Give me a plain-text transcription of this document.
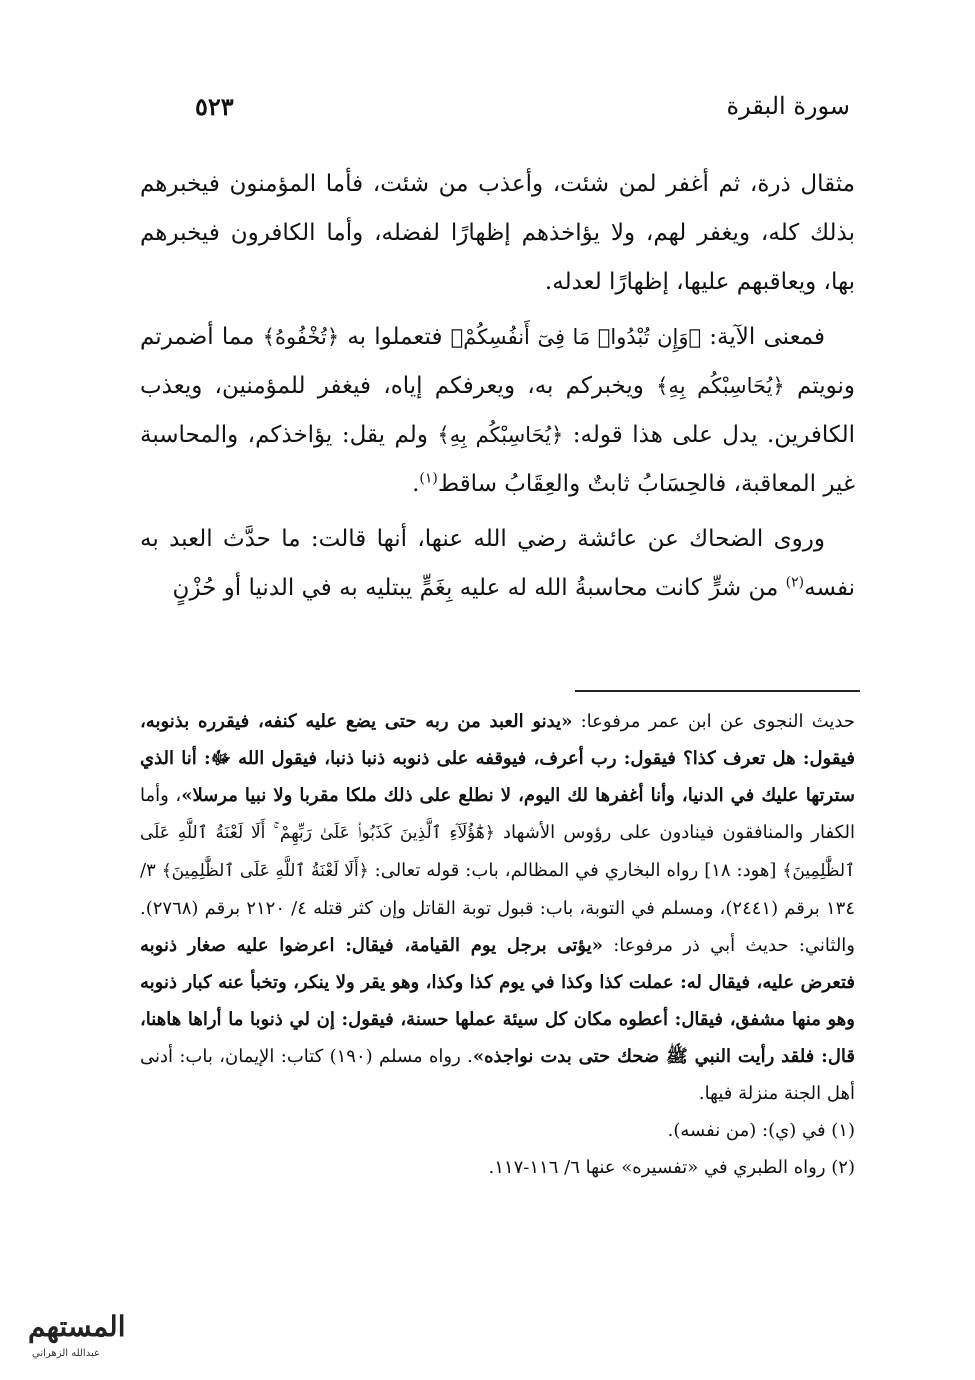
سورة البقرة
٥٢٣

مثقال ذرة، ثم أغفر لمن شئت، وأعذب من شئت، فأما المؤمنون فيخبرهم بذلك كله، ويغفر لهم، ولا يؤاخذهم إظهارًا لفضله، وأما الكافرون فيخبرهم بها، ويعاقبهم عليها، إظهارًا لعدله.

فمعنى الآية: ﴿وَإِن تُبْدُوا۟ مَا فِىٓ أَنفُسِكُمْ﴾ فتعملوا به ﴿تُخْفُوهُ﴾ مما أضمرتم ونويتم ﴿يُحَاسِبْكُم بِهِ﴾ ويخبركم به، ويعرفكم إياه، فيغفر للمؤمنين، ويعذب الكافرين. يدل على هذا قوله: ﴿يُحَاسِبْكُم بِهِ﴾ ولم يقل: يؤاخذكم، والمحاسبة غير المعاقبة، فالحِسَابُ ثابتٌ والعِقَابُ ساقط$^{(١)}$.

وروى الضحاك عن عائشة رضي الله عنها، أنها قالت: ما حدَّث العبد به نفسه$^{(٢)}$ من شرٍّ كانت محاسبةُ الله له عليه بِغَمٍّ يبتليه به في الدنيا أو حُزْنٍ

حديث النجوى عن ابن عمر مرفوعا: «يدنو العبد من ربه حتى يضع عليه كنفه، فيقرره بذنوبه، فيقول: هل تعرف كذا؟ فيقول: رب أعرف، فيوقفه على ذنوبه ذنبا ذنبا، فيقول الله ﷻ: أنا الذي سترتها عليك في الدنيا، وأنا أغفرها لك اليوم، لا نطلع على ذلك ملكا مقربا ولا نبيا مرسلا»، وأما الكفار والمنافقون فينادون على رؤوس الأشهاد ﴿هَٰٓؤُلَآءِ ٱلَّذِينَ كَذَبُوا۟ عَلَىٰ رَبِّهِمْ ۚ أَلَا لَعْنَةُ ٱللَّهِ عَلَى ٱلظَّٰلِمِينَ﴾ [هود: ١٨] رواه البخاري في المظالم، باب: قوله تعالى: ﴿أَلَا لَعْنَةُ ٱللَّهِ عَلَى ٱلظَّٰلِمِينَ﴾ ٣/ ١٣٤ برقم (٢٤٤١)، ومسلم في التوبة، باب: قبول توبة القاتل وإن كثر قتله ٤/ ٢١٢٠ برقم (٢٧٦٨). والثاني: حديث أبي ذر مرفوعا: «يؤتى برجل يوم القيامة، فيقال: اعرضوا عليه صغار ذنوبه فتعرض عليه، فيقال له: عملت كذا وكذا في يوم كذا وكذا، وهو يقر ولا ينكر، وتخبأ عنه كبار ذنوبه وهو منها مشفق، فيقال: أعطوه مكان كل سيئة عملها حسنة، فيقول: إن لي ذنوبا ما أراها هاهنا، قال: فلقد رأيت النبي ﷺ ضحك حتى بدت نواجذه». رواه مسلم (١٩٠) كتاب: الإيمان، باب: أدنى أهل الجنة منزلة فيها.

(١) في (ي): (من نفسه).

(٢) رواه الطبري في «تفسيره» عنها ٦/ ١١٦-١١٧.

المستهم
عبدالله الزهراني
